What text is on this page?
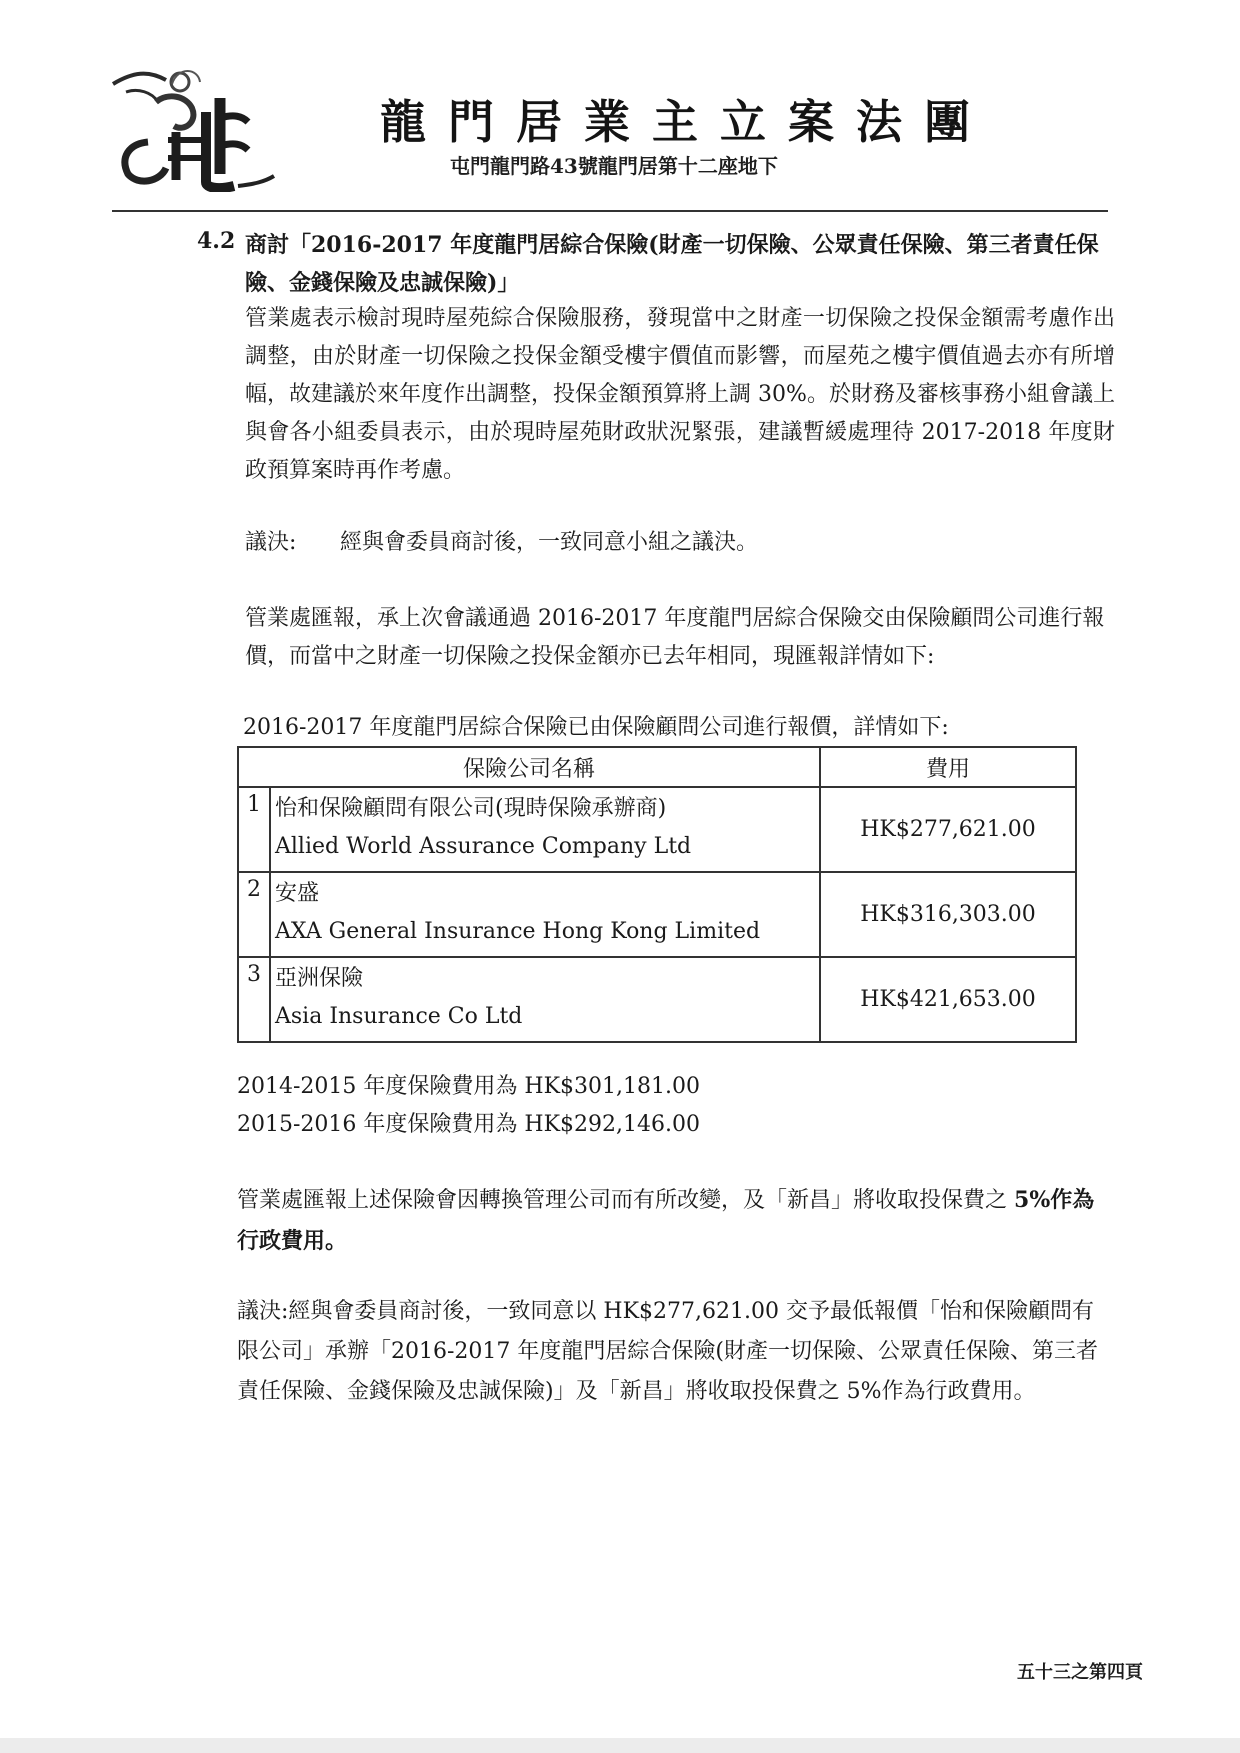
龍門居業主立案法團
屯門龍門路43號龍門居第十二座地下
4.2 商討「2016-2017 年度龍門居綜合保險(財產一切保險、公眾責任保險、第三者責任保險、金錢保險及忠誠保險)」
管業處表示檢討現時屋苑綜合保險服務，發現當中之財產一切保險之投保金額需考慮作出調整，由於財產一切保險之投保金額受樓宇價值而影響，而屋苑之樓宇價值過去亦有所增幅，故建議於來年度作出調整，投保金額預算將上調 30%。於財務及審核事務小組會議上與會各小組委員表示，由於現時屋苑財政狀況緊張，建議暫緩處理待 2017-2018 年度財政預算案時再作考慮。
議決: 經與會委員商討後，一致同意小組之議決。
管業處匯報，承上次會議通過 2016-2017 年度龍門居綜合保險交由保險顧問公司進行報價，而當中之財產一切保險之投保金額亦已去年相同，現匯報詳情如下:
2016-2017 年度龍門居綜合保險已由保險顧問公司進行報價，詳情如下:
保險公司名稱		費用
1	怡和保險顧問有限公司(現時保險承辦商)
Allied World Assurance Company Ltd	HK$277,621.00
2	安盛
AXA General Insurance Hong Kong Limited	HK$316,303.00
3	亞洲保險
Asia Insurance Co Ltd	HK$421,653.00
2014-2015 年度保險費用為 HK$301,181.00
2015-2016 年度保險費用為 HK$292,146.00
管業處匯報上述保險會因轉換管理公司而有所改變，及「新昌」將收取投保費之 5%作為行政費用。
議決:經與會委員商討後，一致同意以 HK$277,621.00 交予最低報價「怡和保險顧問有限公司」承辦「2016-2017 年度龍門居綜合保險(財產一切保險、公眾責任保險、第三者責任保險、金錢保險及忠誠保險)」及「新昌」將收取投保費之 5%作為行政費用。
五十三之第四頁
